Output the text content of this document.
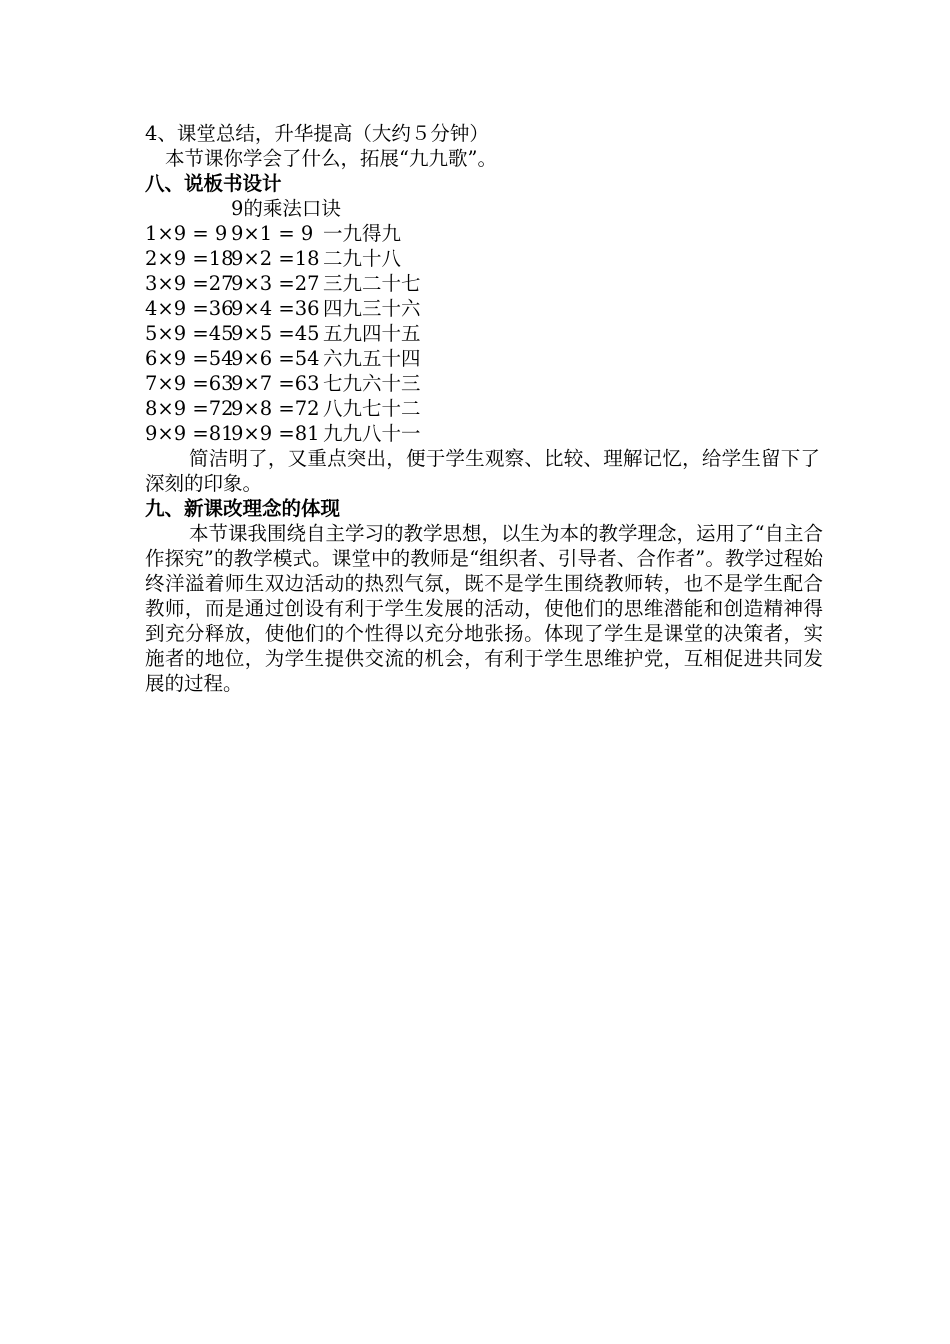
4、课堂总结，升华提高（大约５分钟）

本节课你学会了什么，拓展“九九歌”。

八、说板书设计

9的乘法口诀

1×9 = 9 9×1 = 9 一九得九
2×9 =18
9×2 =18 二九十八
3×9 =27
9×3 =27 三九二十七
4×9 =36
9×4 =36 四九三十六
5×9 =45
9×5 =45 五九四十五
6×9 =54
9×6 =54 六九五十四
7×9 =63
9×7 =63 七九六十三
8×9 =72
9×8 =72 八九七十二
9×9 =81
9×9 =81 九九八十一

简洁明了，又重点突出，便于学生观察、比较、理解记忆，给学生留下了深刻的印象。

九、新课改理念的体现

本节课我围绕自主学习的教学思想，以生为本的教学理念，运用了“自主合作探究”的教学模式。课堂中的教师是“组织者、引导者、合作者”。教学过程始终洋溢着师生双边活动的热烈气氛，既不是学生围绕教师转，也不是学生配合教师，而是通过创设有利于学生发展的活动，使他们的思维潜能和创造精神得到充分释放，使他们的个性得以充分地张扬。体现了学生是课堂的决策者，实施者的地位，为学生提供交流的机会，有利于学生思维护党，互相促进共同发展的过程。
